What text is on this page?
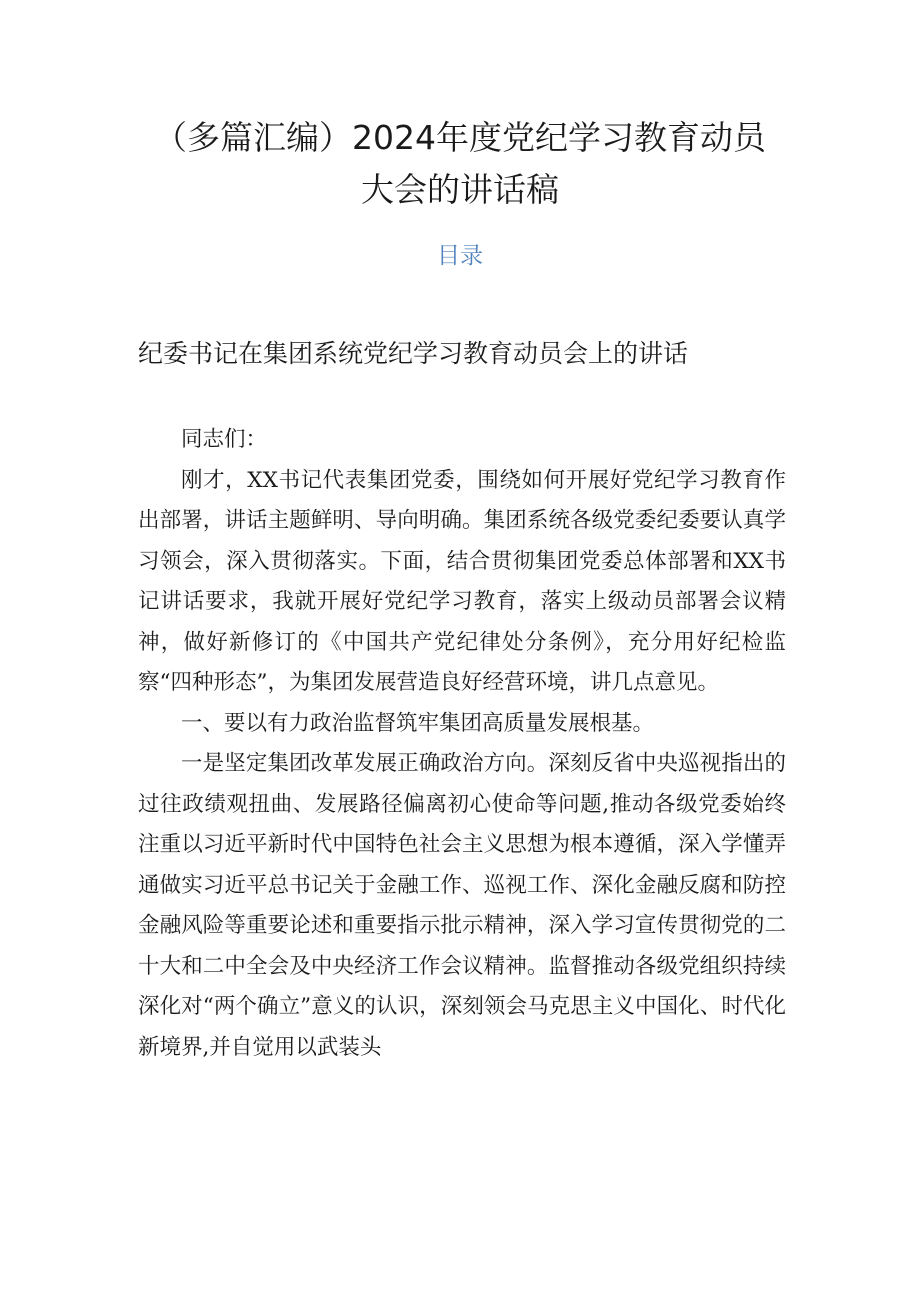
（多篇汇编）2024年度党纪学习教育动员
大会的讲话稿
目录
纪委书记在集团系统党纪学习教育动员会上的讲话

同志们：

刚才，XX书记代表集团党委，围绕如何开展好党纪学习教育作出部署，讲话主题鲜明、导向明确。集团系统各级党委纪委要认真学习领会，深入贯彻落实。下面，结合贯彻集团党委总体部署和XX书记讲话要求，我就开展好党纪学习教育，落实上级动员部署会议精神，做好新修订的《中国共产党纪律处分条例》，充分用好纪检监察“四种形态”，为集团发展营造良好经营环境，讲几点意见。

一、要以有力政治监督筑牢集团高质量发展根基。

一是坚定集团改革发展正确政治方向。深刻反省中央巡视指出的过往政绩观扭曲、发展路径偏离初心使命等问题,推动各级党委始终注重以习近平新时代中国特色社会主义思想为根本遵循，深入学懂弄通做实习近平总书记关于金融工作、巡视工作、深化金融反腐和防控金融风险等重要论述和重要指示批示精神，深入学习宣传贯彻党的二十大和二中全会及中央经济工作会议精神。监督推动各级党组织持续深化对“两个确立”意义的认识，深刻领会马克思主义中国化、时代化新境界,并自觉用以武装头
